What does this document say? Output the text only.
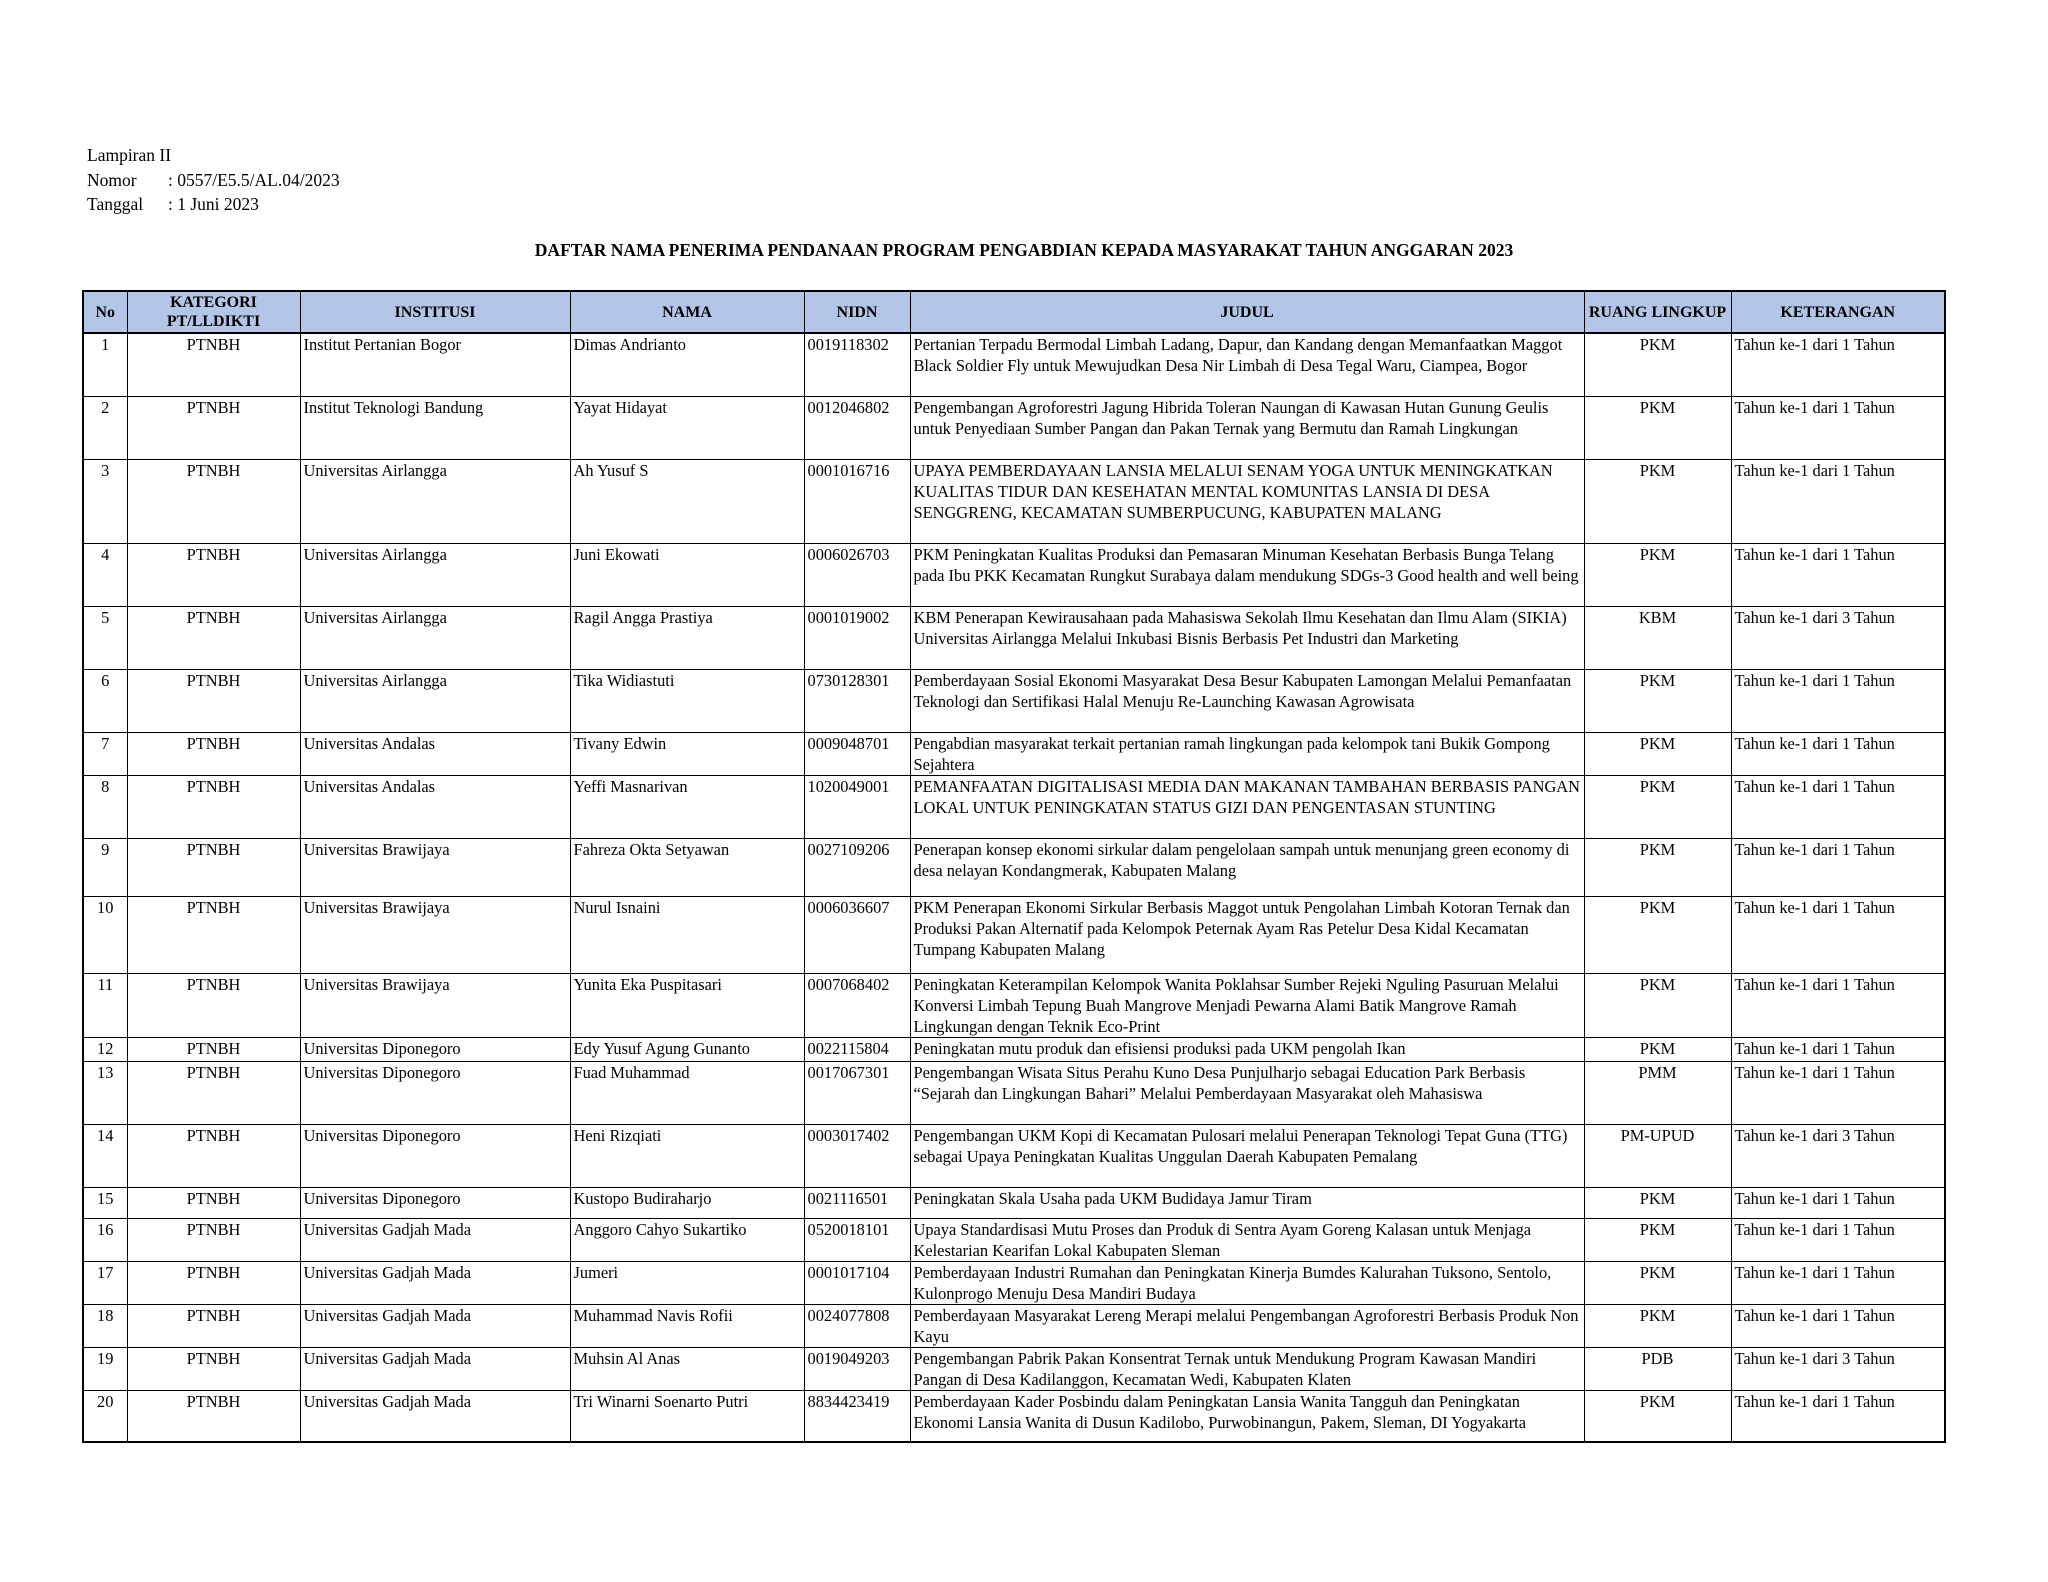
Lampiran II
Nomor : 0557/E5.5/AL.04/2023
Tanggal : 1 Juni 2023
DAFTAR NAMA PENERIMA PENDANAAN PROGRAM PENGABDIAN KEPADA MASYARAKAT TAHUN ANGGARAN 2023
No	KATEGORI PT/LLDIKTI	INSTITUSI	NAMA	NIDN	JUDUL	RUANG LINGKUP	KETERANGAN
1	PTNBH	Institut Pertanian Bogor	Dimas Andrianto	0019118302	Pertanian Terpadu Bermodal Limbah Ladang, Dapur, dan Kandang dengan Memanfaatkan Maggot Black Soldier Fly untuk Mewujudkan Desa Nir Limbah di Desa Tegal Waru, Ciampea, Bogor	PKM	Tahun ke-1 dari 1 Tahun
2	PTNBH	Institut Teknologi Bandung	Yayat Hidayat	0012046802	Pengembangan Agroforestri Jagung Hibrida Toleran Naungan di Kawasan Hutan Gunung Geulis untuk Penyediaan Sumber Pangan dan Pakan Ternak yang Bermutu dan Ramah Lingkungan	PKM	Tahun ke-1 dari 1 Tahun
3	PTNBH	Universitas Airlangga	Ah Yusuf S	0001016716	UPAYA PEMBERDAYAAN LANSIA MELALUI SENAM YOGA UNTUK MENINGKATKAN KUALITAS TIDUR DAN KESEHATAN MENTAL KOMUNITAS LANSIA DI DESA SENGGRENG, KECAMATAN SUMBERPUCUNG, KABUPATEN MALANG	PKM	Tahun ke-1 dari 1 Tahun
4	PTNBH	Universitas Airlangga	Juni Ekowati	0006026703	PKM Peningkatan Kualitas Produksi dan Pemasaran Minuman Kesehatan Berbasis Bunga Telang pada Ibu PKK Kecamatan Rungkut Surabaya dalam mendukung SDGs-3 Good health and well being	PKM	Tahun ke-1 dari 1 Tahun
5	PTNBH	Universitas Airlangga	Ragil Angga Prastiya	0001019002	KBM Penerapan Kewirausahaan pada Mahasiswa Sekolah Ilmu Kesehatan dan Ilmu Alam (SIKIA) Universitas Airlangga Melalui Inkubasi Bisnis Berbasis Pet Industri dan Marketing	KBM	Tahun ke-1 dari 3 Tahun
6	PTNBH	Universitas Airlangga	Tika Widiastuti	0730128301	Pemberdayaan Sosial Ekonomi Masyarakat Desa Besur Kabupaten Lamongan Melalui Pemanfaatan Teknologi dan Sertifikasi Halal Menuju Re-Launching Kawasan Agrowisata	PKM	Tahun ke-1 dari 1 Tahun
7	PTNBH	Universitas Andalas	Tivany Edwin	0009048701	Pengabdian masyarakat terkait pertanian ramah lingkungan pada kelompok tani Bukik Gompong Sejahtera	PKM	Tahun ke-1 dari 1 Tahun
8	PTNBH	Universitas Andalas	Yeffi Masnarivan	1020049001	PEMANFAATAN DIGITALISASI MEDIA DAN MAKANAN TAMBAHAN BERBASIS PANGAN LOKAL UNTUK PENINGKATAN STATUS GIZI DAN PENGENTASAN STUNTING	PKM	Tahun ke-1 dari 1 Tahun
9	PTNBH	Universitas Brawijaya	Fahreza Okta Setyawan	0027109206	Penerapan konsep ekonomi sirkular dalam pengelolaan sampah untuk menunjang green economy di desa nelayan Kondangmerak, Kabupaten Malang	PKM	Tahun ke-1 dari 1 Tahun
10	PTNBH	Universitas Brawijaya	Nurul Isnaini	0006036607	PKM Penerapan Ekonomi Sirkular Berbasis Maggot untuk Pengolahan Limbah Kotoran Ternak dan Produksi Pakan Alternatif pada Kelompok Peternak Ayam Ras Petelur Desa Kidal Kecamatan Tumpang Kabupaten Malang	PKM	Tahun ke-1 dari 1 Tahun
11	PTNBH	Universitas Brawijaya	Yunita Eka Puspitasari	0007068402	Peningkatan Keterampilan Kelompok Wanita Poklahsar Sumber Rejeki Nguling Pasuruan Melalui Konversi Limbah Tepung Buah Mangrove Menjadi Pewarna Alami Batik Mangrove Ramah Lingkungan dengan Teknik Eco-Print	PKM	Tahun ke-1 dari 1 Tahun
12	PTNBH	Universitas Diponegoro	Edy Yusuf Agung Gunanto	0022115804	Peningkatan mutu produk dan efisiensi produksi pada UKM pengolah Ikan	PKM	Tahun ke-1 dari 1 Tahun
13	PTNBH	Universitas Diponegoro	Fuad Muhammad	0017067301	Pengembangan Wisata Situs Perahu Kuno Desa Punjulharjo sebagai Education Park Berbasis “Sejarah dan Lingkungan Bahari” Melalui Pemberdayaan Masyarakat oleh Mahasiswa	PMM	Tahun ke-1 dari 1 Tahun
14	PTNBH	Universitas Diponegoro	Heni Rizqiati	0003017402	Pengembangan UKM Kopi di Kecamatan Pulosari melalui Penerapan Teknologi Tepat Guna (TTG) sebagai Upaya Peningkatan Kualitas Unggulan Daerah Kabupaten Pemalang	PM-UPUD	Tahun ke-1 dari 3 Tahun
15	PTNBH	Universitas Diponegoro	Kustopo Budiraharjo	0021116501	Peningkatan Skala Usaha pada UKM Budidaya Jamur Tiram	PKM	Tahun ke-1 dari 1 Tahun
16	PTNBH	Universitas Gadjah Mada	Anggoro Cahyo Sukartiko	0520018101	Upaya Standardisasi Mutu Proses dan Produk di Sentra Ayam Goreng Kalasan untuk Menjaga Kelestarian Kearifan Lokal Kabupaten Sleman	PKM	Tahun ke-1 dari 1 Tahun
17	PTNBH	Universitas Gadjah Mada	Jumeri	0001017104	Pemberdayaan Industri Rumahan dan Peningkatan Kinerja Bumdes Kalurahan Tuksono, Sentolo, Kulonprogo Menuju Desa Mandiri Budaya	PKM	Tahun ke-1 dari 1 Tahun
18	PTNBH	Universitas Gadjah Mada	Muhammad Navis Rofii	0024077808	Pemberdayaan Masyarakat Lereng Merapi melalui Pengembangan Agroforestri Berbasis Produk Non Kayu	PKM	Tahun ke-1 dari 1 Tahun
19	PTNBH	Universitas Gadjah Mada	Muhsin Al Anas	0019049203	Pengembangan Pabrik Pakan Konsentrat Ternak untuk Mendukung Program Kawasan Mandiri Pangan di Desa Kadilanggon, Kecamatan Wedi, Kabupaten Klaten	PDB	Tahun ke-1 dari 3 Tahun
20	PTNBH	Universitas Gadjah Mada	Tri Winarni Soenarto Putri	8834423419	Pemberdayaan Kader Posbindu dalam Peningkatan Lansia Wanita Tangguh dan Peningkatan Ekonomi Lansia Wanita di Dusun Kadilobo, Purwobinangun, Pakem, Sleman, DI Yogyakarta	PKM	Tahun ke-1 dari 1 Tahun
